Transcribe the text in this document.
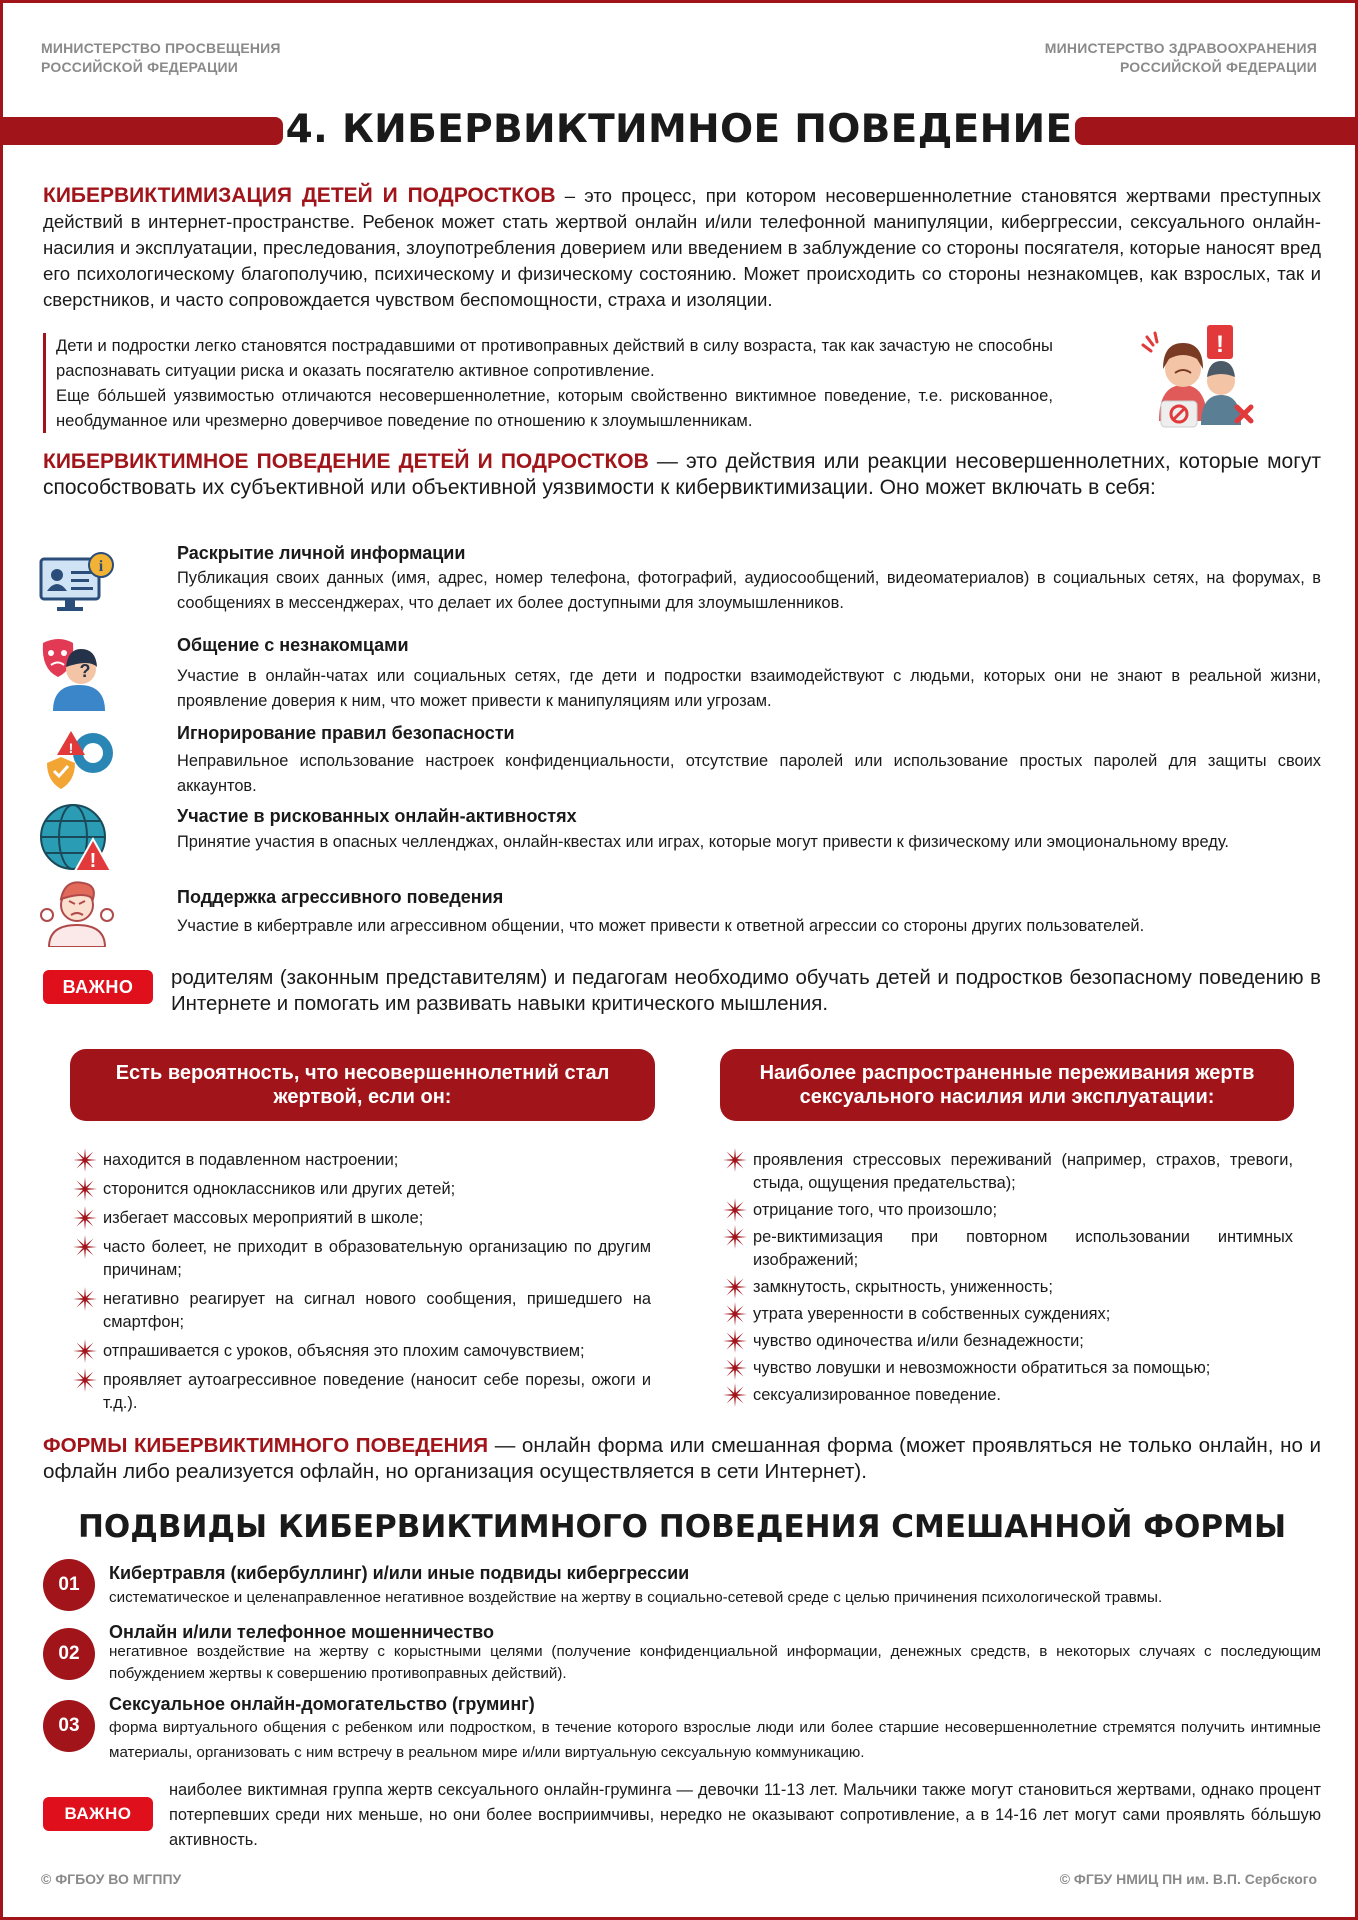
МИНИСТЕРСТВО ПРОСВЕЩЕНИЯ РОССИЙСКОЙ ФЕДЕРАЦИИ
МИНИСТЕРСТВО ЗДРАВООХРАНЕНИЯ РОССИЙСКОЙ ФЕДЕРАЦИИ
4. КИБЕРВИКТИМНОЕ ПОВЕДЕНИЕ
КИБЕРВИКТИМИЗАЦИЯ ДЕТЕЙ И ПОДРОСТКОВ – это процесс, при котором несовершеннолетние становятся жертвами преступных действий в интернет-пространстве. Ребенок может стать жертвой онлайн и/или телефонной манипуляции, кибергрессии, сексуального онлайн-насилия и эксплуатации, преследования, злоупотребления доверием или введением в заблуждение со стороны посягателя, которые наносят вред его психологическому благополучию, психическому и физическому состоянию. Может происходить со стороны незнакомцев, как взрослых, так и сверстников, и часто сопровождается чувством беспомощности, страха и изоляции.
Дети и подростки легко становятся пострадавшими от противоправных действий в силу возраста, так как зачастую не способны распознавать ситуации риска и оказать посягателю активное сопротивление.
Еще бо́льшей уязвимостью отличаются несовершеннолетние, которым свойственно виктимное поведение, т.е. рискованное, необдуманное или чрезмерно доверчивое поведение по отношению к злоумышленникам.
!
КИБЕРВИКТИМНОЕ ПОВЕДЕНИЕ ДЕТЕЙ И ПОДРОСТКОВ — это действия или реакции несовершеннолетних, которые могут способствовать их субъективной или объективной уязвимости к кибервиктимизации. Оно может включать в себя:
i
Раскрытие личной информации
Публикация своих данных (имя, адрес, номер телефона, фотографий, аудиосообщений, видеоматериалов) в социальных сетях, на форумах, в сообщениях в мессенджерах, что делает их более доступными для злоумышленников.
?
Общение с незнакомцами
Участие в онлайн-чатах или социальных сетях, где дети и подростки взаимодействуют с людьми, которых они не знают в реальной жизни, проявление доверия к ним, что может привести к манипуляциям или угрозам.
!
Игнорирование правил безопасности
Неправильное использование настроек конфиденциальности, отсутствие паролей или использование простых паролей для защиты своих аккаунтов.
!
Участие в рискованных онлайн-активностях
Принятие участия в опасных челленджах, онлайн-квестах или играх, которые могут привести к физическому или эмоциональному вреду.
Поддержка агрессивного поведения
Участие в кибертравле или агрессивном общении, что может привести к ответной агрессии со стороны других пользователей.
ВАЖНО	родителям (законным представителям) и педагогам необходимо обучать детей и подростков безопасному поведению в Интернете и помогать им развивать навыки критического мышления.
Есть вероятность, что несовершеннолетний стал жертвой, если он:
находится в подавленном настроении;
сторонится одноклассников или других детей;
избегает массовых мероприятий в школе;
часто болеет, не приходит в образовательную организацию по другим причинам;
негативно реагирует на сигнал нового сообщения, пришедшего на смартфон;
отпрашивается с уроков, объясняя это плохим самочувствием;
проявляет аутоагрессивное поведение (наносит себе порезы, ожоги и т.д.).
Наиболее распространенные переживания жертв сексуального насилия или эксплуатации:
проявления стрессовых переживаний (например, страхов, тревоги, стыда, ощущения предательства);
отрицание того, что произошло;
ре-виктимизация при повторном использовании интимных изображений;
замкнутость, скрытность, униженность;
утрата уверенности в собственных суждениях;
чувство одиночества и/или безнадежности;
чувство ловушки и невозможности обратиться за помощью;
сексуализированное поведение.
ФОРМЫ КИБЕРВИКТИМНОГО ПОВЕДЕНИЯ — онлайн форма или смешанная форма (может проявляться не только онлайн, но и офлайн либо реализуется офлайн, но организация осуществляется в сети Интернет).
ПОДВИДЫ КИБЕРВИКТИМНОГО ПОВЕДЕНИЯ СМЕШАННОЙ ФОРМЫ
01
Кибертравля (кибербуллинг) и/или иные подвиды кибергрессии
систематическое и целенаправленное негативное воздействие на жертву в социально-сетевой среде с целью причинения психологической травмы.
02
Онлайн и/или телефонное мошенничество
негативное воздействие на жертву с корыстными целями (получение конфиденциальной информации, денежных средств, в некоторых случаях с последующим побуждением жертвы к совершению противоправных действий).
03
Сексуальное онлайн-домогательство (груминг)
форма виртуального общения с ребенком или подростком, в течение которого взрослые люди или более старшие несовершеннолетние стремятся получить интимные материалы, организовать с ним встречу в реальном мире и/или виртуальную сексуальную коммуникацию.
ВАЖНО
наиболее виктимная группа жертв сексуального онлайн-груминга — девочки 11-13 лет. Мальчики также могут становиться жертвами, однако процент потерпевших среди них меньше, но они более восприимчивы, нередко не оказывают сопротивление, а в 14-16 лет могут сами проявлять бо́льшую активность.
© ФГБОУ ВО МГППУ	© ФГБУ НМИЦ ПН им. В.П. Сербского
